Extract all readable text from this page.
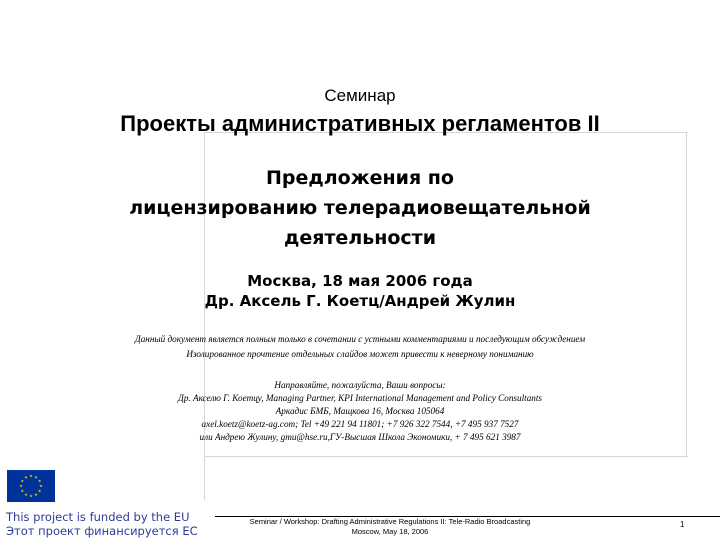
Семинар
Проекты административных регламентов II
Предложения по
лицензированию телерадиовещательной
деятельности
Москва, 18 мая 2006 года
Др. Аксель Г. Коетц/Андрей Жулин
Данный документ является полным только в сочетании с устными комментариями и последующим обсуждением
Изолированное прочтение отдельных слайдов может привести к неверному пониманию
Направляйте, пожалуйста, Ваши вопросы:
Др. Акселю Г. Коетцу, Managing Partner, KPI International Management and Policy Consultants
Аркадис БМБ, Мащкова 16, Москва 105064
axel.koetz@koetz-ag.com; Tel +49 221 94 11801; +7 926 322 7544, +7 495 937 7527
или Андрею Жулину, gmu@hse.ru,ГУ-Высшая Школа Экономики, + 7 495 621 3987
This project is funded by the EU
Этот проект финансируется ЕС
Seminar / Workshop: Drafting Administrative Regulations II: Tele-Radio Broadcasting
Moscow, May 18, 2006
1
